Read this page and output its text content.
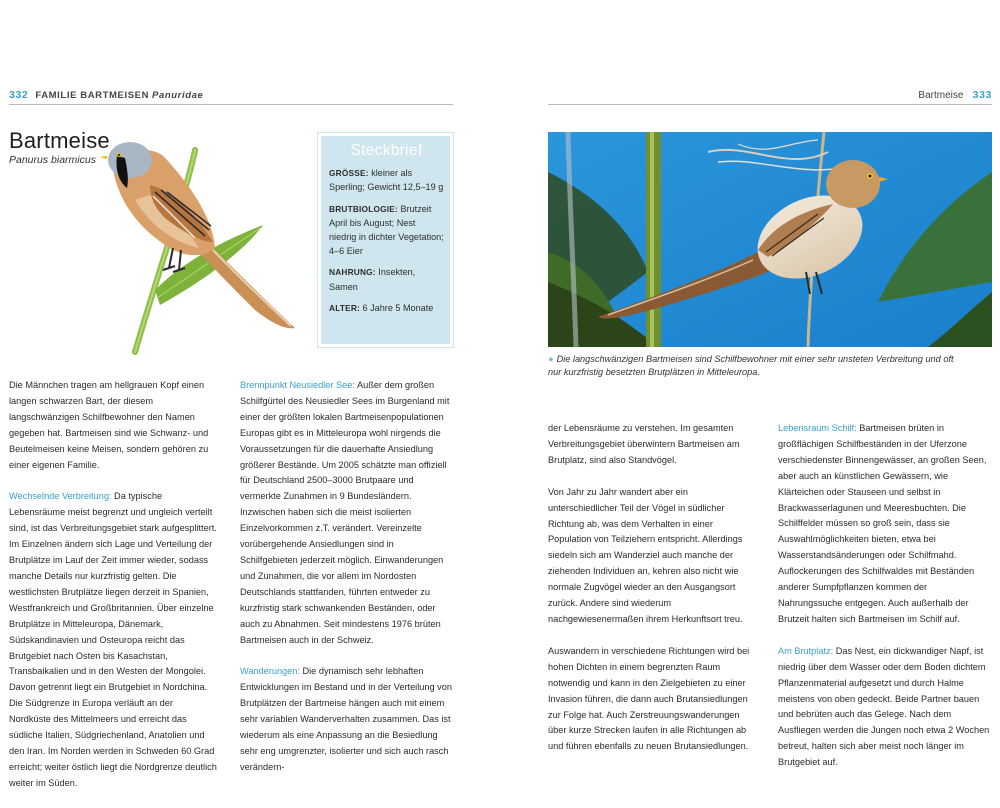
332 FAMILIE BARTMEISEN Panuridae	Bartmeise 333
Bartmeise
Panurus biarmicus
Steckbrief

GRÖSSE: kleiner als Sperling; Gewicht 12,5–19 g

BRUTBIOLOGIE: Brutzeit April bis August; Nest niedrig in dichter Vegetation; 4–6 Eier

NAHRUNG: Insekten, Samen

ALTER: 6 Jahre 5 Monate

● Die langschwänzigen Bartmeisen sind Schilfbewohner mit einer sehr unsteten Verbreitung und oft nur kurzfristig besetzten Brutplätzen in Mitteleuropa.

Die Männchen tragen am hellgrauen Kopf einen langen schwarzen Bart, der diesem langschwänzigen Schilfbewohner den Namen gegeben hat. Bartmeisen sind wie Schwanz- und Beutelmeisen keine Meisen, sondern gehören zu einer eigenen Familie.

Wechselnde Verbreitung: Da typische Lebensräume meist begrenzt und ungleich verteilt sind, ist das Verbreitungsgebiet stark aufgesplittert. Im Einzelnen ändern sich Lage und Verteilung der Brutplätze im Lauf der Zeit immer wieder, sodass manche Details nur kurzfristig gelten. Die westlichsten Brutplätze liegen derzeit in Spanien, Westfrankreich und Großbritannien. Über einzelne Brutplätze in Mitteleuropa, Dänemark, Südskandinavien und Osteuropa reicht das Brutgebiet nach Osten bis Kasachstan, Transbaikalien und in den Westen der Mongolei. Davon getrennt liegt ein Brutgebiet in Nordchina. Die Südgrenze in Europa verläuft an der Nordküste des Mittelmeers und erreicht das südliche Italien, Südgriechenland, Anatolien und den Iran. Im Norden werden in Schweden 60 Grad erreicht; weiter östlich liegt die Nordgrenze deutlich weiter im Süden.

Brennpunkt Neusiedler See: Außer dem großen Schilfgürtel des Neusiedler Sees im Burgenland mit einer der größten lokalen Bartmeisenpopulationen Europas gibt es in Mitteleuropa wohl nirgends die Voraussetzungen für die dauerhafte Ansiedlung größerer Bestände. Um 2005 schätzte man offiziell für Deutschland 2500–3000 Brutpaare und vermerkte Zunahmen in 9 Bundesländern. Inzwischen haben sich die meist isolierten Einzelvorkommen z.T. verändert. Vereinzelte vorübergehende Ansiedlungen sind in Schilfgebieten jederzeit möglich. Einwanderungen und Zunahmen, die vor allem im Nordosten Deutschlands stattfanden, führten entweder zu kurzfristig stark schwankenden Beständen, oder auch zu Abnahmen. Seit mindestens 1976 brüten Bartmeisen auch in der Schweiz.

Wanderungen: Die dynamisch sehr lebhaften Entwicklungen im Bestand und in der Verteilung von Brutplätzen der Bartmeise hängen auch mit einem sehr variablen Wanderverhalten zusammen. Das ist wiederum als eine Anpassung an die Besiedlung sehr eng umgrenzter, isolierter und sich auch rasch verändern-

der Lebensräume zu verstehen. Im gesamten Verbreitungsgebiet überwintern Bartmeisen am Brutplatz, sind also Standvögel.

Von Jahr zu Jahr wandert aber ein unterschiedlicher Teil der Vögel in südlicher Richtung ab, was dem Verhalten in einer Population von Teilziehern entspricht. Allerdings siedeln sich am Wanderziel auch manche der ziehenden Individuen an, kehren also nicht wie normale Zugvögel wieder an den Ausgangsort zurück. Andere sind wiederum nachgewiesenermaßen ihrem Herkunftsort treu.

Auswandern in verschiedene Richtungen wird bei hohen Dichten in einem begrenzten Raum notwendig und kann in den Zielgebieten zu einer Invasion führen, die dann auch Brutansiedlungen zur Folge hat. Auch Zerstreuungswanderungen über kurze Strecken laufen in alle Richtungen ab und führen ebenfalls zu neuen Brutansiedlungen.

Lebensraum Schilf: Bartmeisen brüten in großflächigen Schilfbeständen in der Uferzone verschiedenster Binnengewässer, an großen Seen, aber auch an künstlichen Gewässern, wie Klärteichen oder Stauseen und selbst in Brackwasserlagunen und Meeresbuchten. Die Schilffelder müssen so groß sein, dass sie Auswahlmöglichkeiten bieten, etwa bei Wasserstandsänderungen oder Schilfmahd. Auflockerungen des Schilfwaldes mit Beständen anderer Sumpfpflanzen kommen der Nahrungssuche entgegen. Auch außerhalb der Brutzeit halten sich Bartmeisen im Schilf auf.

Am Brutplatz: Das Nest, ein dickwandiger Napf, ist niedrig über dem Wasser oder dem Boden dichtem Pflanzenmaterial aufgesetzt und durch Halme meistens von oben gedeckt. Beide Partner bauen und bebrüten auch das Gelege. Nach dem Ausfliegen werden die Jungen noch etwa 2 Wochen betreut, halten sich aber meist noch länger im Brutgebiet auf.
